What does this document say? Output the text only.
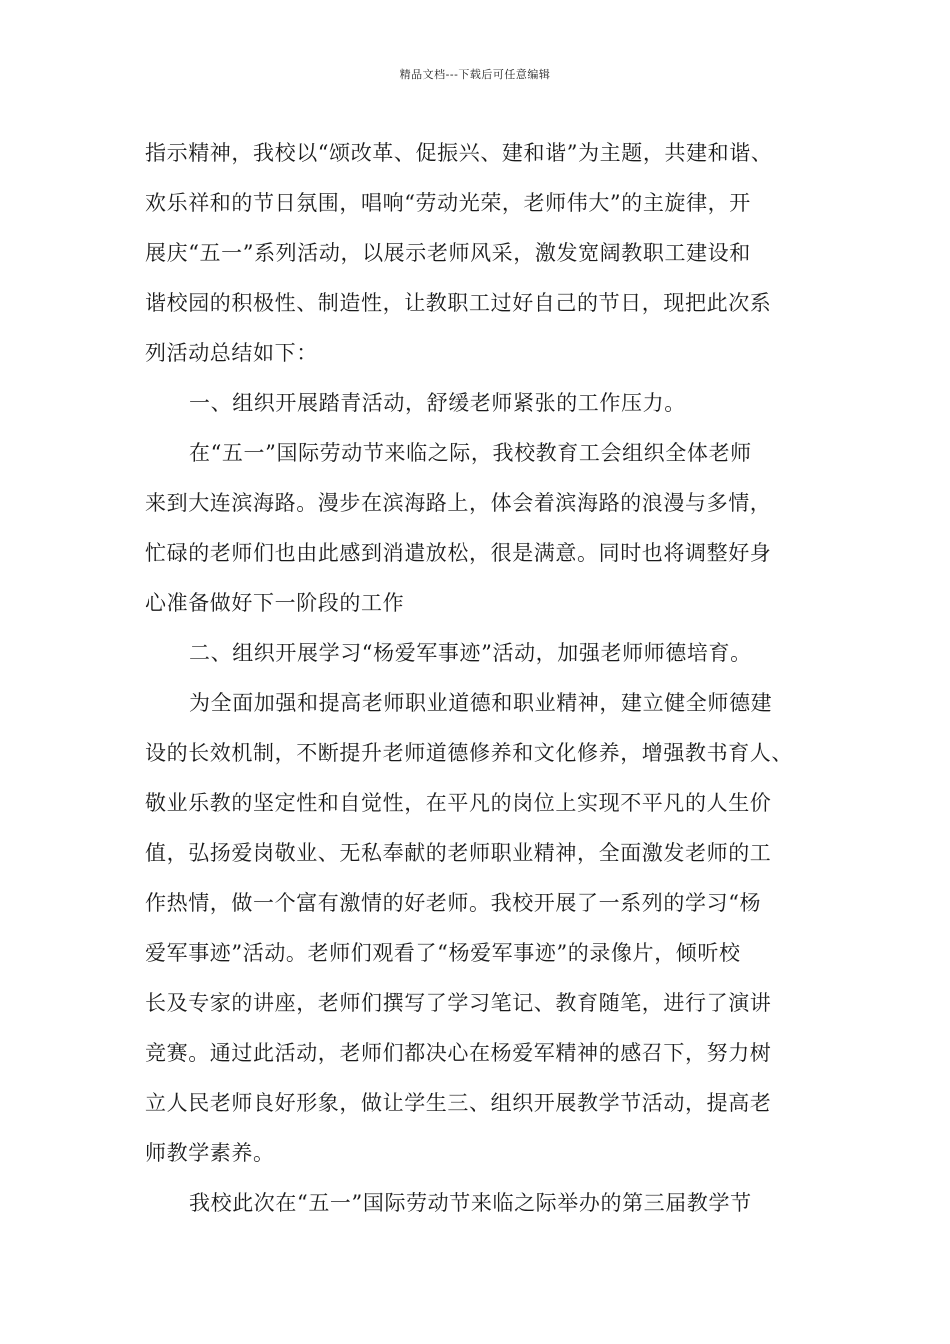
精品文档---下载后可任意编辑
指示精神，我校以“颂改革、促振兴、建和谐”为主题，共建和谐、
欢乐祥和的节日氛围，唱响“劳动光荣，老师伟大”的主旋律，开
展庆“五一”系列活动，以展示老师风采，激发宽阔教职工建设和
谐校园的积极性、制造性，让教职工过好自己的节日，现把此次系
列活动总结如下：
一、组织开展踏青活动，舒缓老师紧张的工作压力。
在“五一”国际劳动节来临之际，我校教育工会组织全体老师
来到大连滨海路。漫步在滨海路上，体会着滨海路的浪漫与多情，
忙碌的老师们也由此感到消遣放松，很是满意。同时也将调整好身
心准备做好下一阶段的工作
二、组织开展学习“杨爱军事迹”活动，加强老师师德培育。
为全面加强和提高老师职业道德和职业精神，建立健全师德建
设的长效机制，不断提升老师道德修养和文化修养，增强教书育人、
敬业乐教的坚定性和自觉性，在平凡的岗位上实现不平凡的人生价
值，弘扬爱岗敬业、无私奉献的老师职业精神，全面激发老师的工
作热情，做一个富有激情的好老师。我校开展了一系列的学习“杨
爱军事迹”活动。老师们观看了“杨爱军事迹”的录像片，倾听校
长及专家的讲座，老师们撰写了学习笔记、教育随笔，进行了演讲
竞赛。通过此活动，老师们都决心在杨爱军精神的感召下，努力树
立人民老师良好形象，做让学生三、组织开展教学节活动，提高老
师教学素养。
我校此次在“五一”国际劳动节来临之际举办的第三届教学节
